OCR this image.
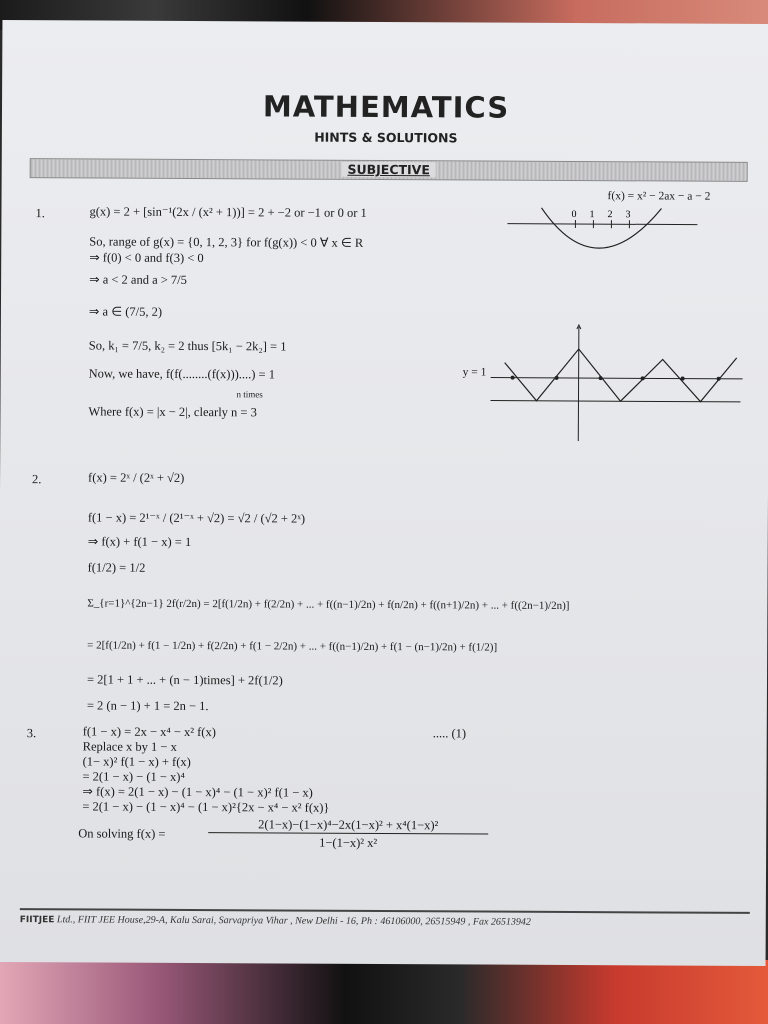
MATHEMATICS
HINTS & SOLUTIONS
SUBJECTIVE
1.	g(x) = 2 + [sin⁻¹(2x / (x² + 1))] = 2 + −2 or −1 or 0 or 1
So, range of g(x) = {0, 1, 2, 3} for f(g(x)) < 0 ∀ x ∈ R
⇒ f(0) < 0 and f(3) < 0
⇒ a < 2 and a > 7/5
⇒ a ∈ (7/5, 2)
So, k₁ = 7/5, k₂ = 2 thus [5k₁ − 2k₂] = 1
Now, we have, f(f(........(f(x)))....) = 1
n times
Where f(x) = |x − 2|, clearly n = 3
f(x) = x² − 2ax − a − 2
0 1 2 3
y = 1
2.	f(x) = 2ˣ / (2ˣ + √2)
f(1 − x) = 2¹⁻ˣ / (2¹⁻ˣ + √2) = √2 / (√2 + 2ˣ)
⇒ f(x) + f(1 − x) = 1
f(1/2) = 1/2
Σ_{r=1}^{2n−1} 2f(r/2n) = 2[f(1/2n) + f(2/2n) + ... + f((n−1)/2n) + f(n/2n) + f((n+1)/2n) + ... + f((2n−1)/2n)]
= 2[f(1/2n) + f(1 − 1/2n) + f(2/2n) + f(1 − 2/2n) + ... + f((n−1)/2n) + f(1 − (n−1)/2n) + f(1/2)]
= 2[1 + 1 + ... + (n − 1)times] + 2f(1/2)
= 2 (n − 1) + 1 = 2n − 1.
3.	f(1 − x) = 2x − x⁴ − x² f(x)	..... (1)
Replace x by 1 − x
(1− x)² f(1 − x) + f(x)
= 2(1 − x) − (1 − x)⁴
⇒ f(x) = 2(1 − x) − (1 − x)⁴ − (1 − x)² f(1 − x)
= 2(1 − x) − (1 − x)⁴ − (1 − x)²{2x − x⁴ − x² f(x)}
On solving f(x) =
2(1−x)−(1−x)⁴−2x(1−x)² + x⁴(1−x)²
1−(1−x)² x²
FIITJEE Ltd., FIIT JEE House,29-A, Kalu Sarai, Sarvapriya Vihar , New Delhi - 16, Ph : 46106000, 26515949 , Fax 26513942
